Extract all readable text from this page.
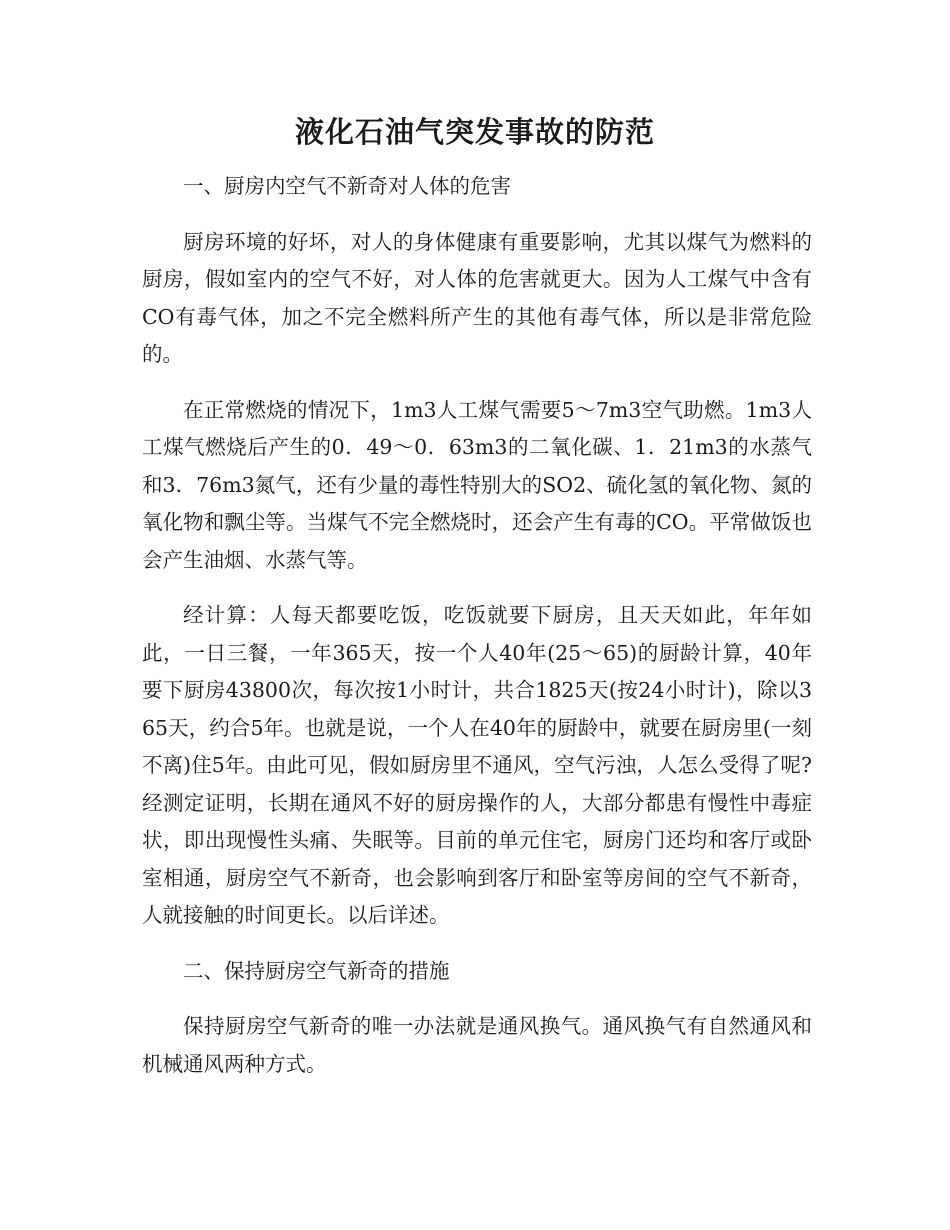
液化石油气突发事故的防范

一、厨房内空气不新奇对人体的危害

厨房环境的好坏，对人的身体健康有重要影响，尤其以煤气为燃料的厨房，假如室内的空气不好，对人体的危害就更大。因为人工煤气中含有CO有毒气体，加之不完全燃料所产生的其他有毒气体，所以是非常危险的。

在正常燃烧的情况下，1m3人工煤气需要5～7m3空气助燃。1m3人工煤气燃烧后产生的0．49～0．63m3的二氧化碳、1．21m3的水蒸气和3．76m3氮气，还有少量的毒性特别大的SO2、硫化氢的氧化物、氮的氧化物和飘尘等。当煤气不完全燃烧时，还会产生有毒的CO。平常做饭也会产生油烟、水蒸气等。

经计算：人每天都要吃饭，吃饭就要下厨房，且天天如此，年年如此，一日三餐，一年365天，按一个人40年(25～65)的厨龄计算，40年要下厨房43800次，每次按1小时计，共合1825天(按24小时计)，除以365天，约合5年。也就是说，一个人在40年的厨龄中，就要在厨房里(一刻不离)住5年。由此可见，假如厨房里不通风，空气污浊，人怎么受得了呢?经测定证明，长期在通风不好的厨房操作的人，大部分都患有慢性中毒症状，即出现慢性头痛、失眠等。目前的单元住宅，厨房门还均和客厅或卧室相通，厨房空气不新奇，也会影响到客厅和卧室等房间的空气不新奇，人就接触的时间更长。以后详述。

二、保持厨房空气新奇的措施

保持厨房空气新奇的唯一办法就是通风换气。通风换气有自然通风和机械通风两种方式。
